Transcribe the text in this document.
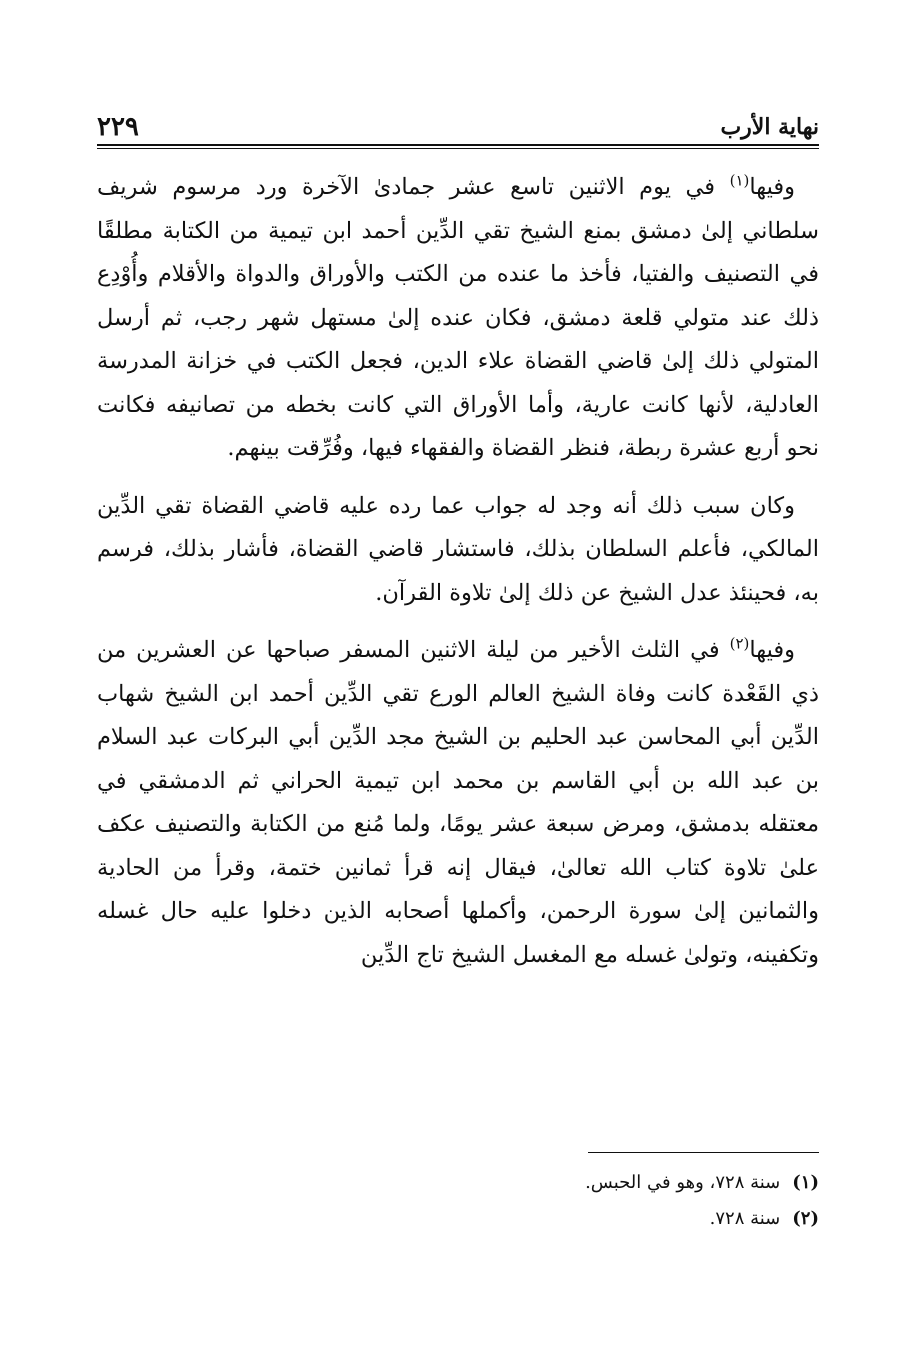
نهاية الأرب
٢٢٩

وفيها$^{(١)}$ في يوم الاثنين تاسع عشر جمادىٰ الآخرة ورد مرسوم شريف سلطاني إلىٰ دمشق بمنع الشيخ تقي الدِّين أحمد ابن تيمية من الكتابة مطلقًا في التصنيف والفتيا، فأخذ ما عنده من الكتب والأوراق والدواة والأقلام وأُوْدِع ذلك عند متولي قلعة دمشق، فكان عنده إلىٰ مستهل شهر رجب، ثم أرسل المتولي ذلك إلىٰ قاضي القضاة علاء الدين، فجعل الكتب في خزانة المدرسة العادلية، لأنها كانت عارية، وأما الأوراق التي كانت بخطه من تصانيفه فكانت نحو أربع عشرة ربطة، فنظر القضاة والفقهاء فيها، وفُرِّقت بينهم.

وكان سبب ذلك أنه وجد له جواب عما رده عليه قاضي القضاة تقي الدِّين المالكي، فأعلم السلطان بذلك، فاستشار قاضي القضاة، فأشار بذلك، فرسم به، فحينئذ عدل الشيخ عن ذلك إلىٰ تلاوة القرآن.

وفيها$^{(٢)}$ في الثلث الأخير من ليلة الاثنين المسفر صباحها عن العشرين من ذي القَعْدة كانت وفاة الشيخ العالم الورع تقي الدِّين أحمد ابن الشيخ شهاب الدِّين أبي المحاسن عبد الحليم بن الشيخ مجد الدِّين أبي البركات عبد السلام بن عبد الله بن أبي القاسم بن محمد ابن تيمية الحراني ثم الدمشقي في معتقله بدمشق، ومرض سبعة عشر يومًا، ولما مُنع من الكتابة والتصنيف عكف علىٰ تلاوة كتاب الله تعالىٰ، فيقال إنه قرأ ثمانين ختمة، وقرأ من الحادية والثمانين إلىٰ سورة الرحمن، وأكملها أصحابه الذين دخلوا عليه حال غسله وتكفينه، وتولىٰ غسله مع المغسل الشيخ تاج الدِّين

(١)سنة ٧٢٨، وهو في الحبس.
(٢)سنة ٧٢٨.
